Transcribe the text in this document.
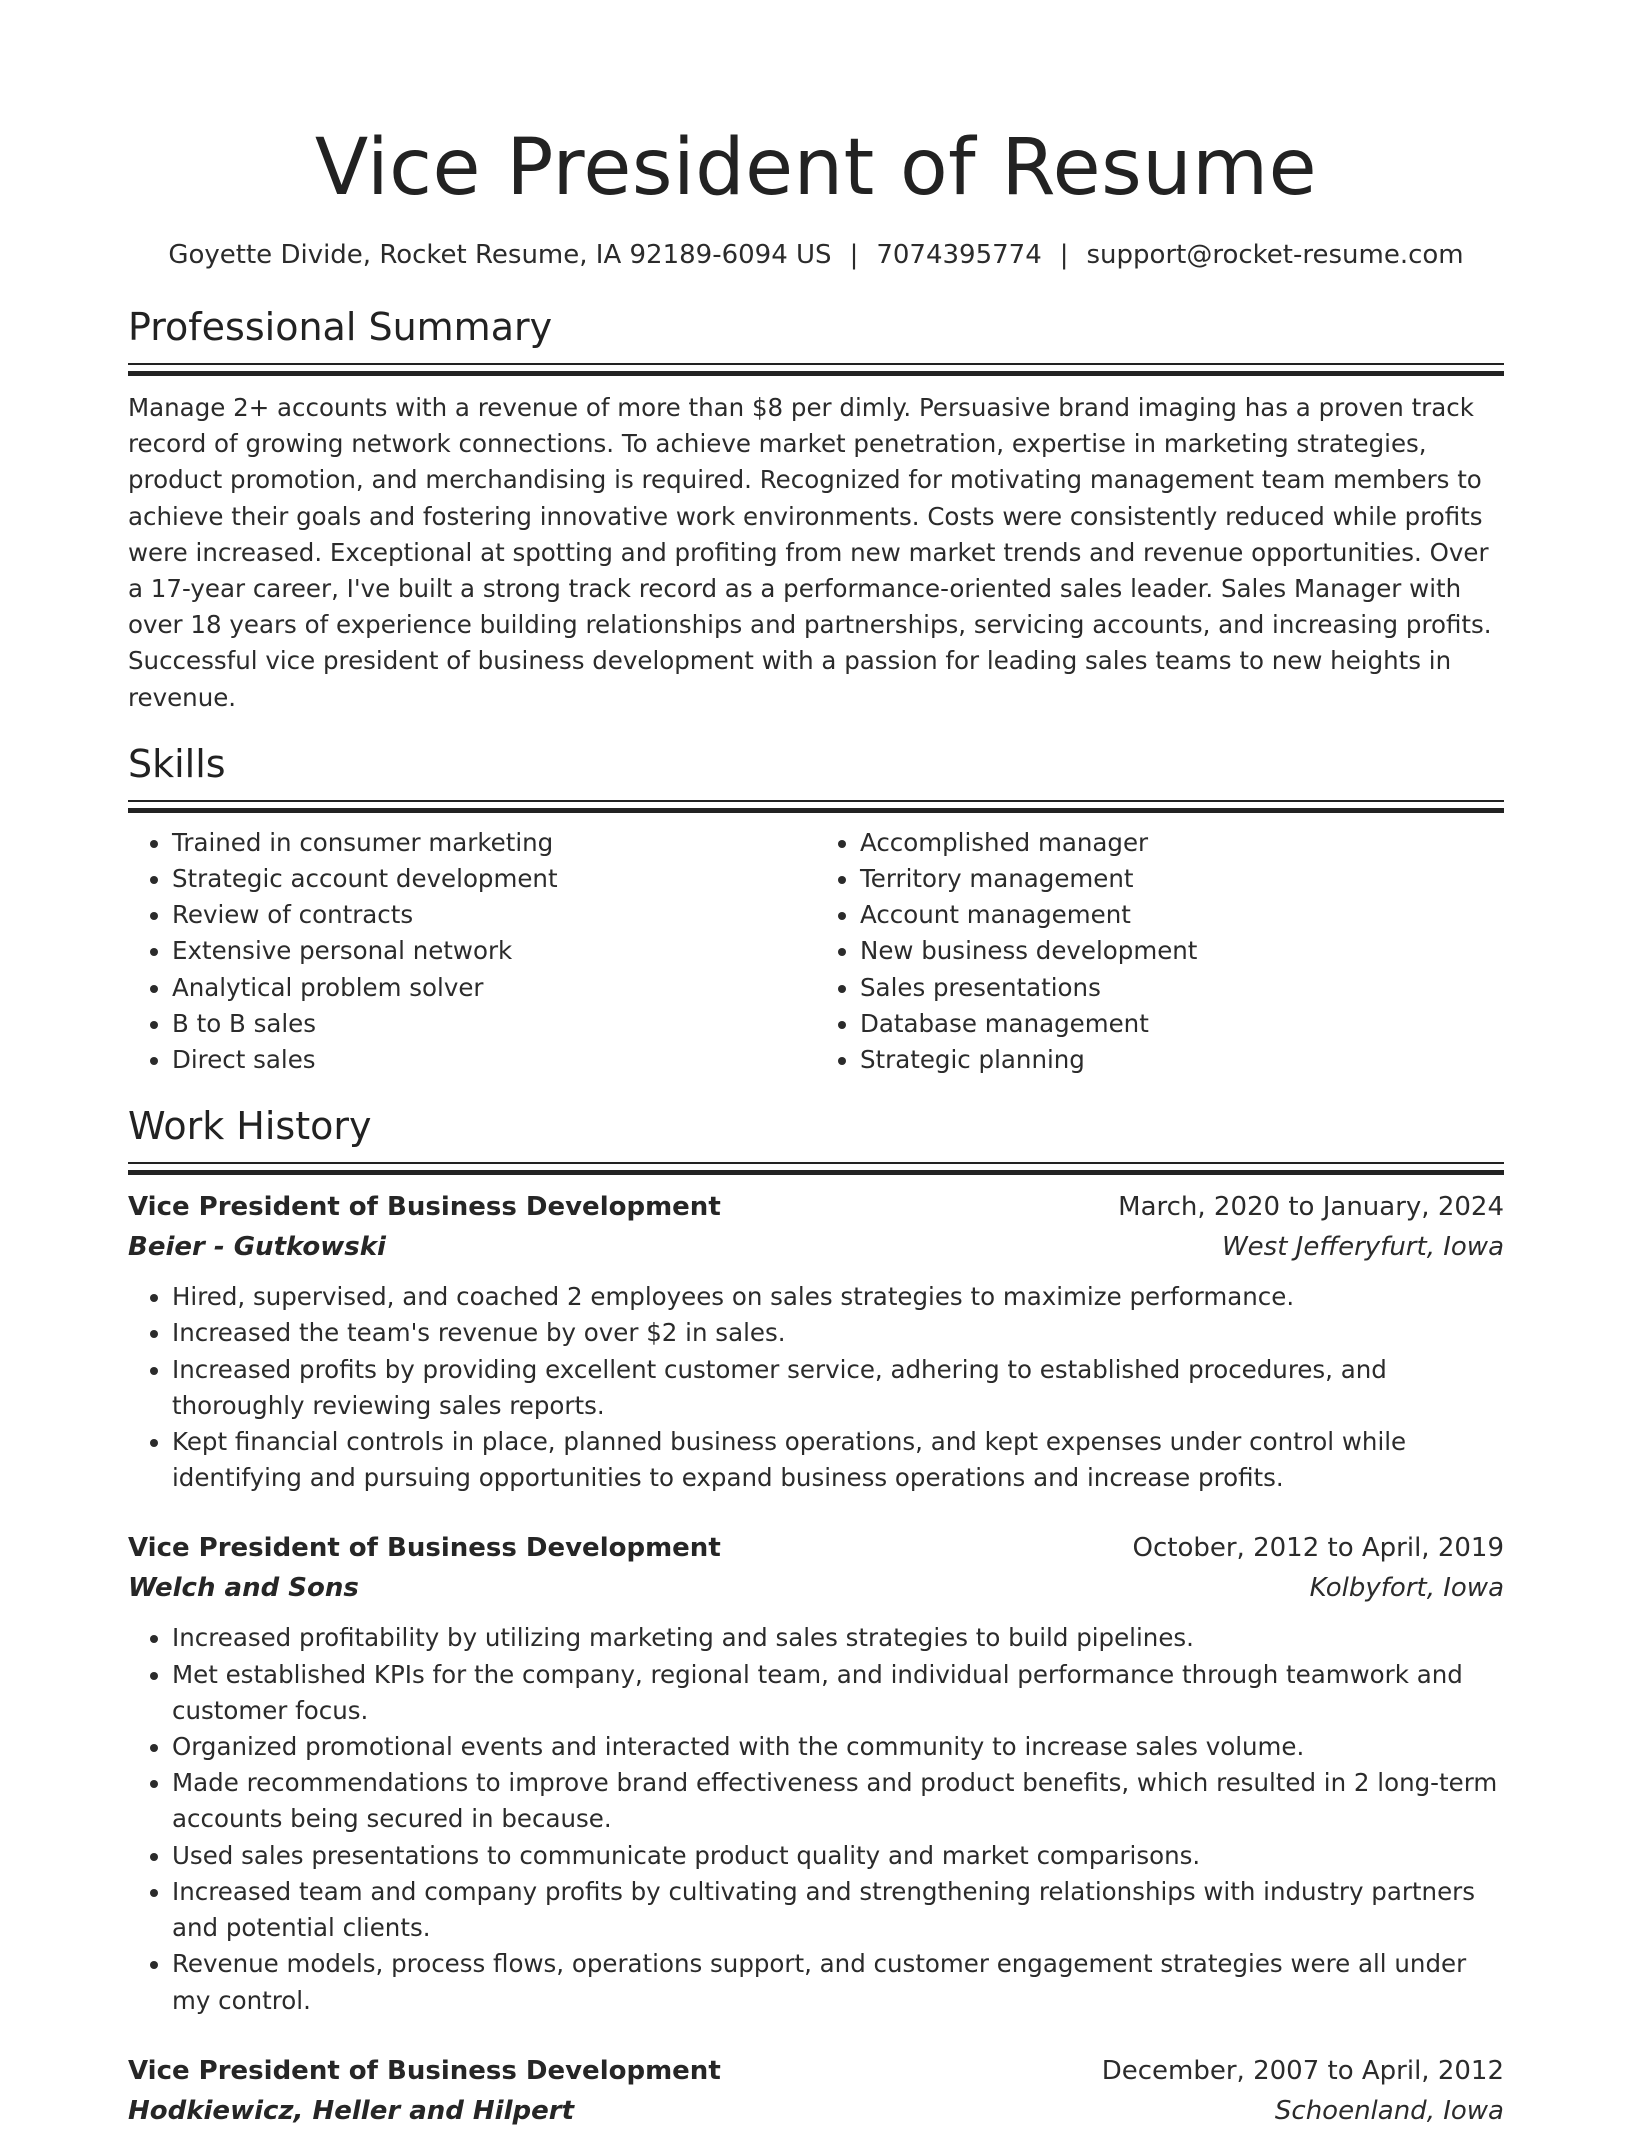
Vice President of Resume
Goyette Divide, Rocket Resume, IA 92189-6094 US | 7074395774 | support@rocket-resume.com
Professional Summary

Manage 2+ accounts with a revenue of more than $8 per dimly. Persuasive brand imaging has a proven track record of growing network connections. To achieve market penetration, expertise in marketing strategies, product promotion, and merchandising is required. Recognized for motivating management team members to achieve their goals and fostering innovative work environments. Costs were consistently reduced while profits were increased. Exceptional at spotting and profiting from new market trends and revenue opportunities. Over a 17-year career, I've built a strong track record as a performance-oriented sales leader. Sales Manager with over 18 years of experience building relationships and partnerships, servicing accounts, and increasing profits. Successful vice president of business development with a passion for leading sales teams to new heights in revenue.

Skills
• Trained in consumer marketing
• Strategic account development
• Review of contracts
• Extensive personal network
• Analytical problem solver
• B to B sales
• Direct sales
• Accomplished manager
• Territory management
• Account management
• New business development
• Sales presentations
• Database management
• Strategic planning
Work History
Vice President of Business Development	March, 2020 to January, 2024
Beier - Gutkowski	West Jefferyfurt, Iowa
• Hired, supervised, and coached 2 employees on sales strategies to maximize performance.
• Increased the team's revenue by over $2 in sales.
• Increased profits by providing excellent customer service, adhering to established procedures, and thoroughly reviewing sales reports.
• Kept financial controls in place, planned business operations, and kept expenses under control while identifying and pursuing opportunities to expand business operations and increase profits.
Vice President of Business Development	October, 2012 to April, 2019
Welch and Sons	Kolbyfort, Iowa
• Increased profitability by utilizing marketing and sales strategies to build pipelines.
• Met established KPIs for the company, regional team, and individual performance through teamwork and customer focus.
• Organized promotional events and interacted with the community to increase sales volume.
• Made recommendations to improve brand effectiveness and product benefits, which resulted in 2 long-term accounts being secured in because.
• Used sales presentations to communicate product quality and market comparisons.
• Increased team and company profits by cultivating and strengthening relationships with industry partners and potential clients.
• Revenue models, process flows, operations support, and customer engagement strategies were all under my control.
Vice President of Business Development	December, 2007 to April, 2012
Hodkiewicz, Heller and Hilpert	Schoenland, Iowa
